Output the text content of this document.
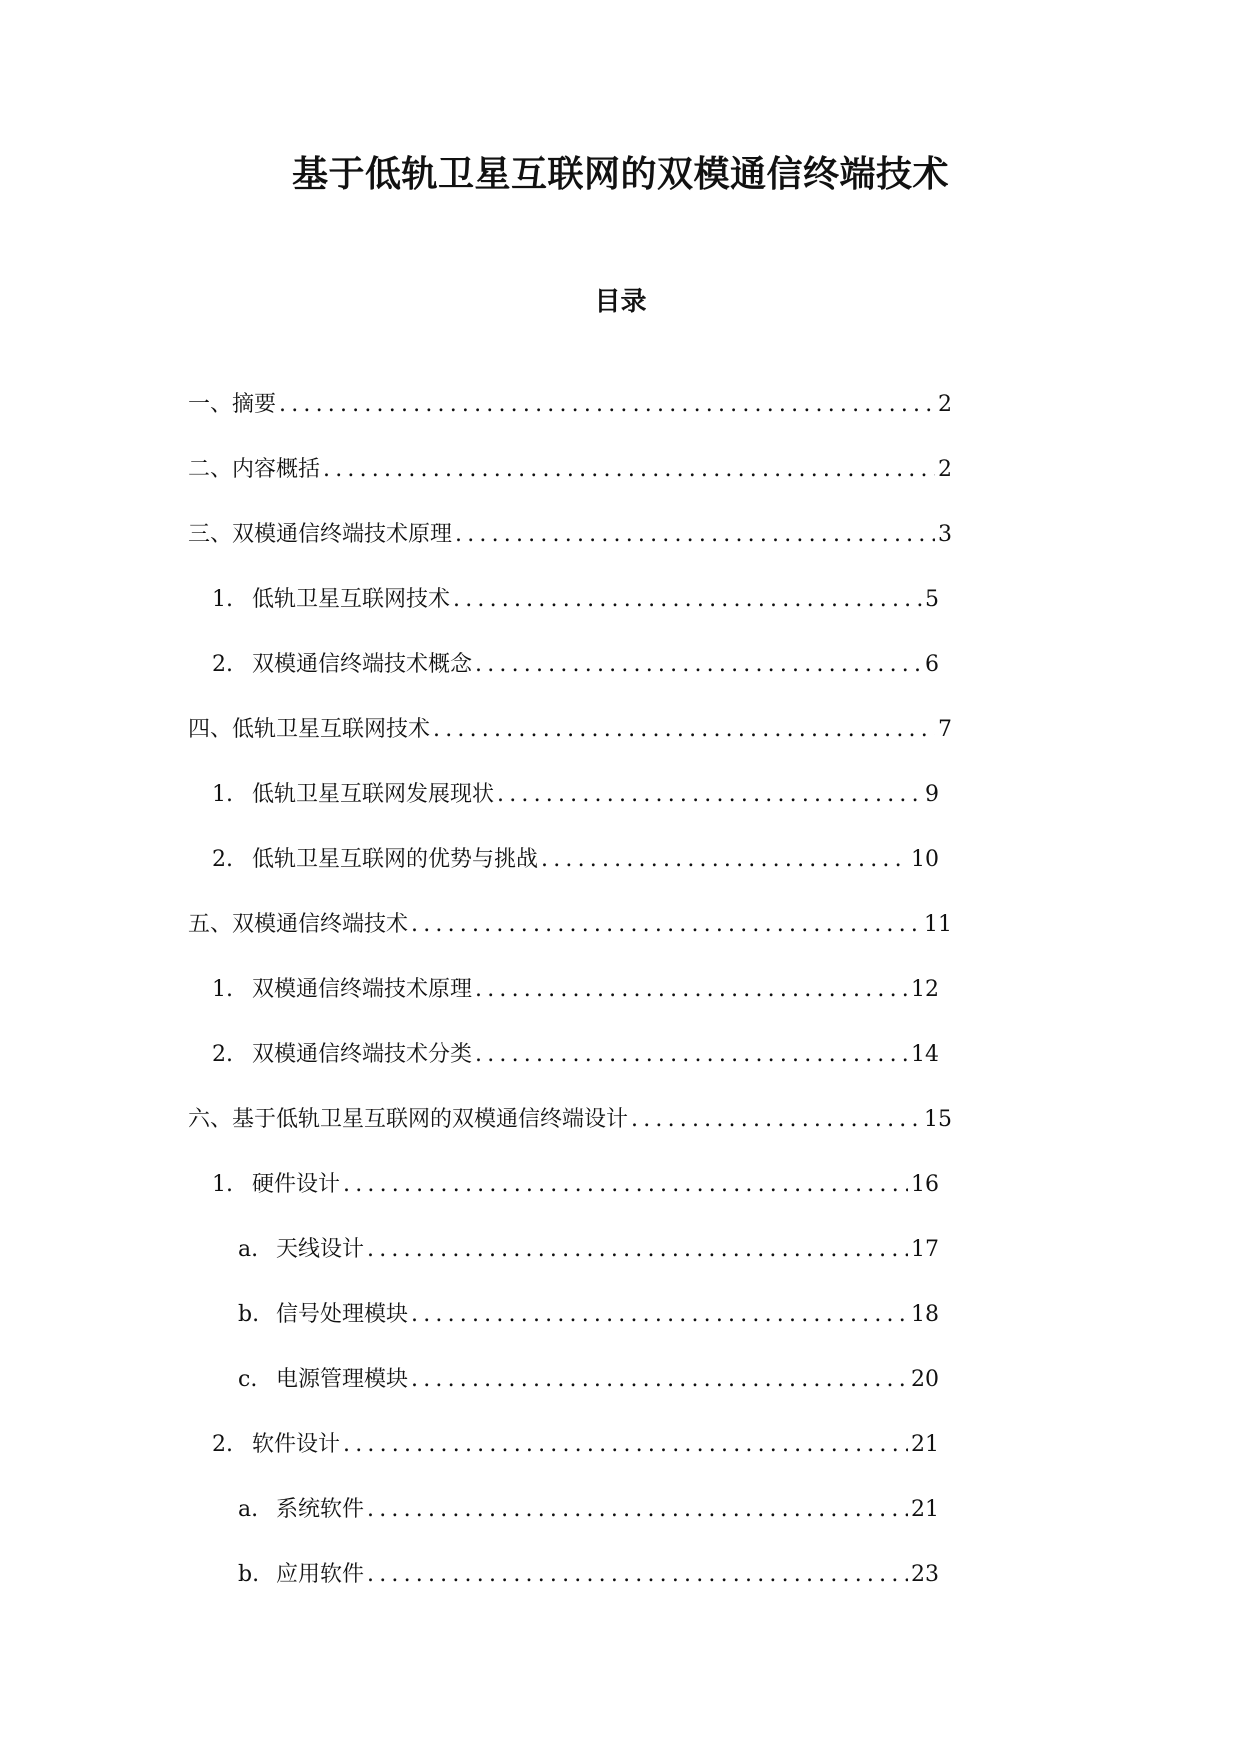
基于低轨卫星互联网的双模通信终端技术
目录
一、摘要 .....	2
二、内容概括 .....	2
三、双模通信终端技术原理 .....	3
1. 低轨卫星互联网技术 .....	5
2. 双模通信终端技术概念 .....	6
四、低轨卫星互联网技术 .....	7
1. 低轨卫星互联网发展现状 .....	9
2. 低轨卫星互联网的优势与挑战 .....	10
五、双模通信终端技术 .....	11
1. 双模通信终端技术原理 .....	12
2. 双模通信终端技术分类 .....	14
六、基于低轨卫星互联网的双模通信终端设计 .....	15
1. 硬件设计 .....	16
a. 天线设计 .....	17
b. 信号处理模块 .....	18
c. 电源管理模块 .....	20
2. 软件设计 .....	21
a. 系统软件 .....	21
b. 应用软件 .....	23
